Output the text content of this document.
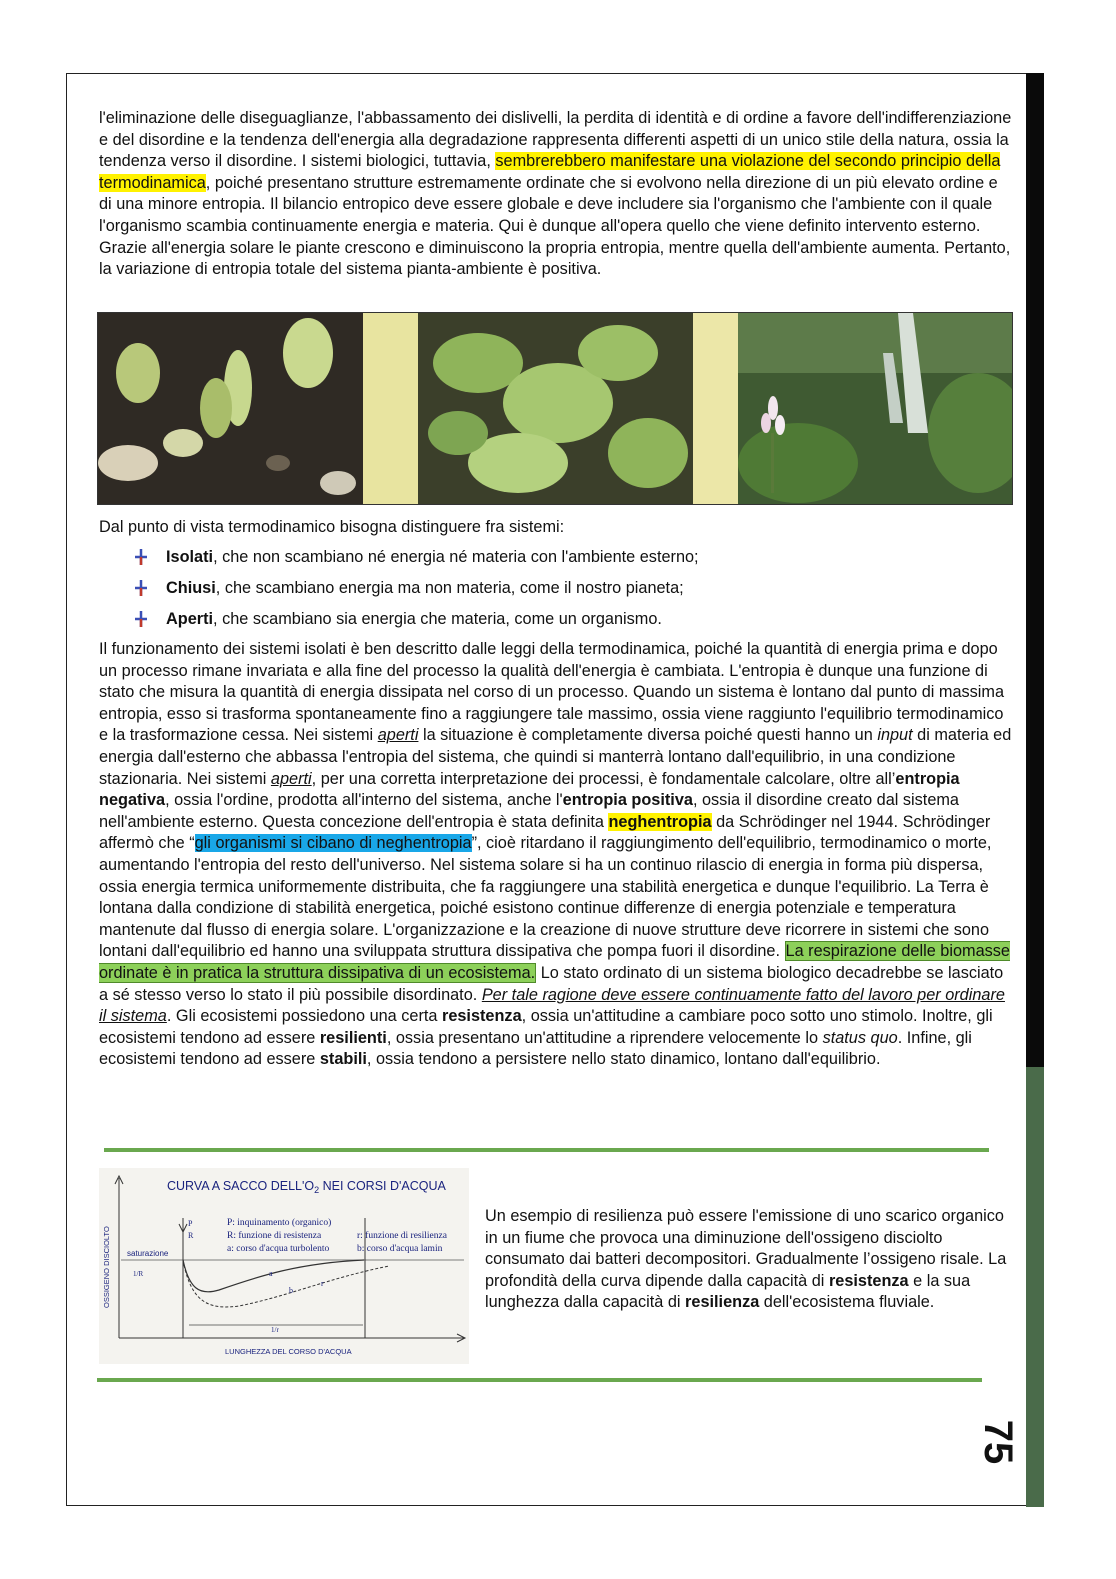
75
l'eliminazione delle diseguaglianze, l'abbassamento dei dislivelli, la perdita di identità e di ordine a favore dell'indifferenziazione e del disordine e la tendenza dell'energia alla degradazione rappresenta differenti aspetti di un unico stile della natura, ossia la tendenza verso il disordine. I sistemi biologici, tuttavia, sembrerebbero manifestare una violazione del secondo principio della termodinamica, poiché presentano strutture estremamente ordinate che si evolvono nella direzione di un più elevato ordine e di una minore entropia. Il bilancio entropico deve essere globale e deve includere sia l'organismo che l'ambiente con il quale l'organismo scambia continuamente energia e materia. Qui è dunque all'opera quello che viene definito intervento esterno. Grazie all'energia solare le piante crescono e diminuiscono la propria entropia, mentre quella dell'ambiente aumenta. Pertanto, la variazione di entropia totale del sistema pianta-ambiente è positiva.
Dal punto di vista termodinamico bisogna distinguere fra sistemi:
Isolati, che non scambiano né energia né materia con l'ambiente esterno;
Chiusi, che scambiano energia ma non materia, come il nostro pianeta;
Aperti, che scambiano sia energia che materia, come un organismo.
Il funzionamento dei sistemi isolati è ben descritto dalle leggi della termodinamica, poiché la quantità di energia prima e dopo un processo rimane invariata e alla fine del processo la qualità dell'energia è cambiata. L'entropia è dunque una funzione di stato che misura la quantità di energia dissipata nel corso di un processo. Quando un sistema è lontano dal punto di massima entropia, esso si trasforma spontaneamente fino a raggiungere tale massimo, ossia viene raggiunto l'equilibrio termodinamico e la trasformazione cessa. Nei sistemi aperti la situazione è completamente diversa poiché questi hanno un input di materia ed energia dall'esterno che abbassa l'entropia del sistema, che quindi si manterrà lontano dall'equilibrio, in una condizione stazionaria. Nei sistemi aperti, per una corretta interpretazione dei processi, è fondamentale calcolare, oltre all’entropia negativa, ossia l'ordine, prodotta all'interno del sistema, anche l'entropia positiva, ossia il disordine creato dal sistema nell'ambiente esterno. Questa concezione dell'entropia è stata definita neghentropia da Schrödinger nel 1944. Schrödinger affermò che “gli organismi si cibano di neghentropia”, cioè ritardano il raggiungimento dell'equilibrio, termodinamico o morte, aumentando l'entropia del resto dell'universo. Nel sistema solare si ha un continuo rilascio di energia in forma più dispersa, ossia energia termica uniformemente distribuita, che fa raggiungere una stabilità energetica e dunque l'equilibrio. La Terra è lontana dalla condizione di stabilità energetica, poiché esistono continue differenze di energia potenziale e temperatura mantenute dal flusso di energia solare. L'organizzazione e la creazione di nuove strutture deve ricorrere in sistemi che sono lontani dall'equilibrio ed hanno una sviluppata struttura dissipativa che pompa fuori il disordine. La respirazione delle biomasse ordinate è in pratica la struttura dissipativa di un ecosistema. Lo stato ordinato di un sistema biologico decadrebbe se lasciato a sé stesso verso lo stato il più possibile disordinato. Per tale ragione deve essere continuamente fatto del lavoro per ordinare il sistema. Gli ecosistemi possiedono una certa resistenza, ossia un'attitudine a cambiare poco sotto uno stimolo. Inoltre, gli ecosistemi tendono ad essere resilienti, ossia presentano un'attitudine a riprendere velocemente lo status quo. Infine, gli ecosistemi tendono ad essere stabili, ossia tendono a persistere nello stato dinamico, lontano dall'equilibrio.
CURVA A SACCO $DELL'O_2$ NEI CORSI D'ACQUA
P: inquinamento (organico)
R: funzione di resistenza	r: funzione di resilienza
a: corso d'acqua turbolento	b: corso d'acqua lamin
OSSIGENO DISCIOLTO saturazione
P
R
a
b
r
1/R
1/r
LUNGHEZZA DEL CORSO D'ACQUA
Un esempio di resilienza può essere l'emissione di uno scarico organico in un fiume che provoca una diminuzione dell'ossigeno disciolto consumato dai batteri decompositori. Gradualmente l’ossigeno risale. La profondità della curva dipende dalla capacità di resistenza e la sua lunghezza dalla capacità di resilienza dell'ecosistema fluviale.
